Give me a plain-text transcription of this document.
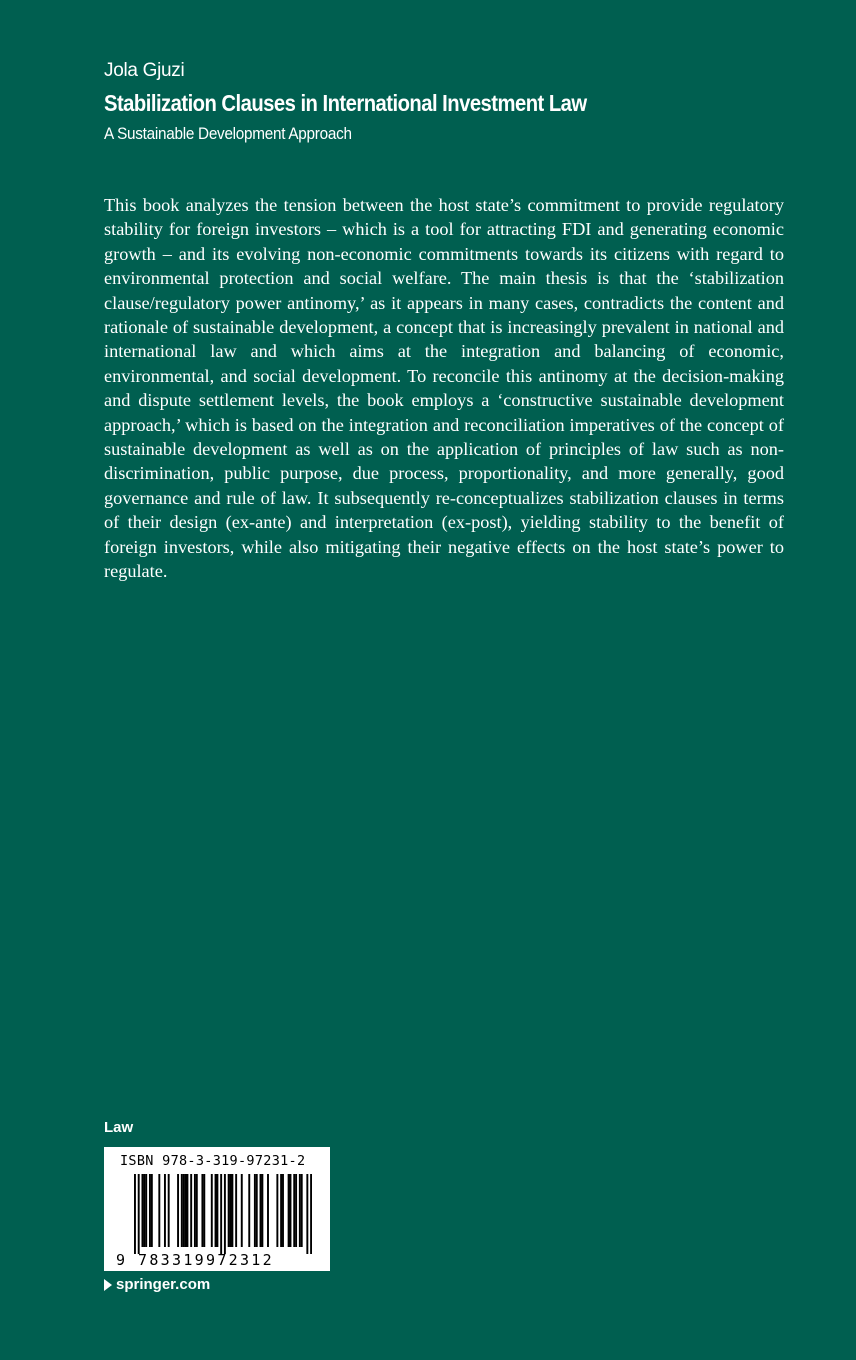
Jola Gjuzi
Stabilization Clauses in International Investment Law
A Sustainable Development Approach

This book analyzes the tension between the host state’s commitment to provide regulatory stability for foreign investors – which is a tool for attracting FDI and generating economic growth – and its evolving non-economic commitments towards its citizens with regard to environmental protection and social welfare. The main thesis is that the ‘stabilization clause/regulatory power antinomy,’ as it appears in many cases, contradicts the content and rationale of sustainable development, a concept that is increasingly prevalent in national and international law and which aims at the integration and balancing of economic, environmental, and social development. To reconcile this antinomy at the decision-making and dispute settlement levels, the book employs a ‘constructive sustainable development approach,’ which is based on the integration and reconciliation imperatives of the concept of sustainable development as well as on the application of principles of law such as non-discrimination, public purpose, due process, proportionality, and more generally, good governance and rule of law. It subsequently re-conceptualizes stabilization clauses in terms of their design (ex-ante) and interpretation (ex-post), yielding stability to the benefit of foreign investors, while also mitigating their negative effects on the host state’s power to regulate.

Law
ISBN 978-3-319-97231-2
9 783319972312
springer.com
